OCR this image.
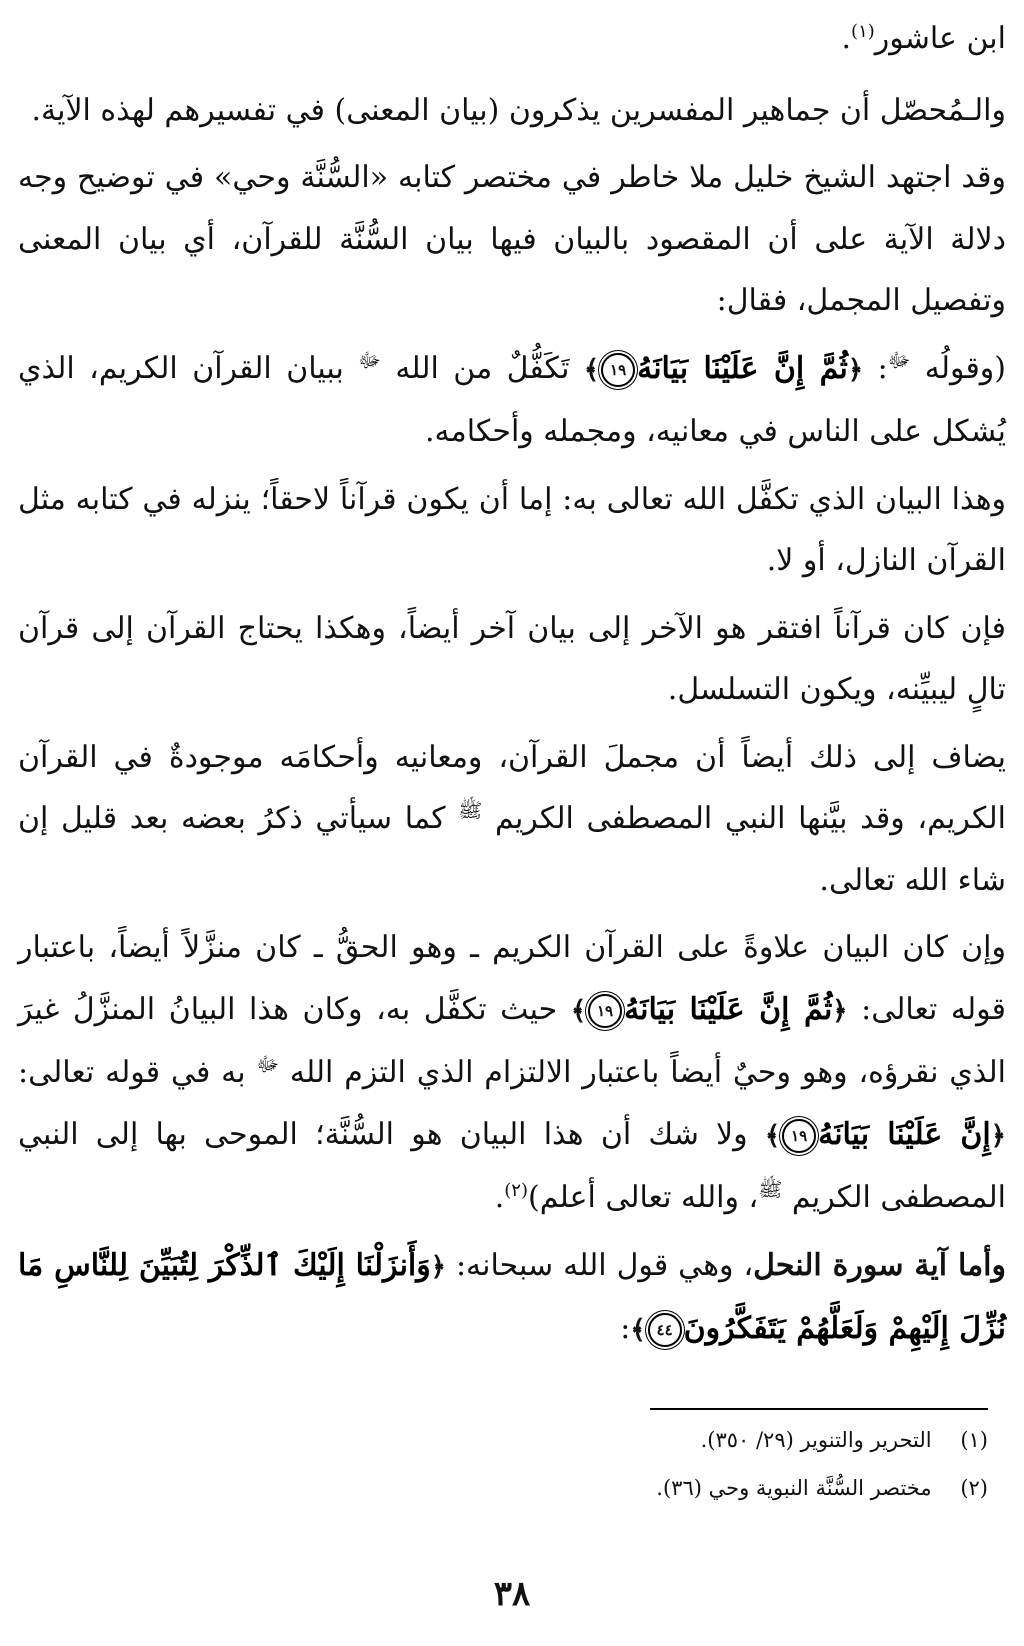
ابن عاشور$^{(١)}$.

والـمُحصّل أن جماهير المفسرين يذكرون (بيان المعنى) في تفسيرهم لهذه الآية.

وقد اجتهد الشيخ خليل ملا خاطر في مختصر كتابه «السُّنَّة وحي» في توضيح وجه دلالة الآية على أن المقصود بالبيان فيها بيان السُّنَّة للقرآن، أي بيان المعنى وتفصيل المجمل، فقال:

(وقولُه $^ﷻ$: ﴿ثُمَّ إِنَّ عَلَيْنَا بَيَانَهُ١٩﴾ تَكَفُّلٌ من الله $^ﷻ$ ببيان القرآن الكريم، الذي يُشكل على الناس في معانيه، ومجمله وأحكامه.

وهذا البيان الذي تكفَّل الله تعالى به: إما أن يكون قرآناً لاحقاً؛ ينزله في كتابه مثل القرآن النازل، أو لا.

فإن كان قرآناً افتقر هو الآخر إلى بيان آخر أيضاً، وهكذا يحتاج القرآن إلى قرآن تالٍ ليبيِّنه، ويكون التسلسل.

يضاف إلى ذلك أيضاً أن مجملَ القرآن، ومعانيه وأحكامَه موجودةٌ في القرآن الكريم، وقد بيَّنها النبي المصطفى الكريم $^ﷺ$ كما سيأتي ذكرُ بعضه بعد قليل إن شاء الله تعالى.

وإن كان البيان علاوةً على القرآن الكريم ـ وهو الحقُّ ـ كان منزَّلاً أيضاً، باعتبار قوله تعالى: ﴿ثُمَّ إِنَّ عَلَيْنَا بَيَانَهُ١٩﴾ حيث تكفَّل به، وكان هذا البيانُ المنزَّلُ غيرَ الذي نقرؤه، وهو وحيٌ أيضاً باعتبار الالتزام الذي التزم الله $^ﷻ$ به في قوله تعالى: ﴿إِنَّ عَلَيْنَا بَيَانَهُ١٩﴾ ولا شك أن هذا البيان هو السُّنَّة؛ الموحى بها إلى النبي المصطفى الكريم $^ﷺ$، والله تعالى أعلم)$^{(٢)}$.

وأما آية سورة النحل، وهي قول الله سبحانه: ﴿وَأَنزَلْنَا إِلَيْكَ ٱلذِّكْرَ لِتُبَيِّنَ لِلنَّاسِ مَا نُزِّلَ إِلَيْهِمْ وَلَعَلَّهُمْ يَتَفَكَّرُونَ٤٤﴾:

(١) التحرير والتنوير (٢٩/ ٣٥٠).
(٢) مختصر السُّنَّة النبوية وحي (٣٦).
٣٨
